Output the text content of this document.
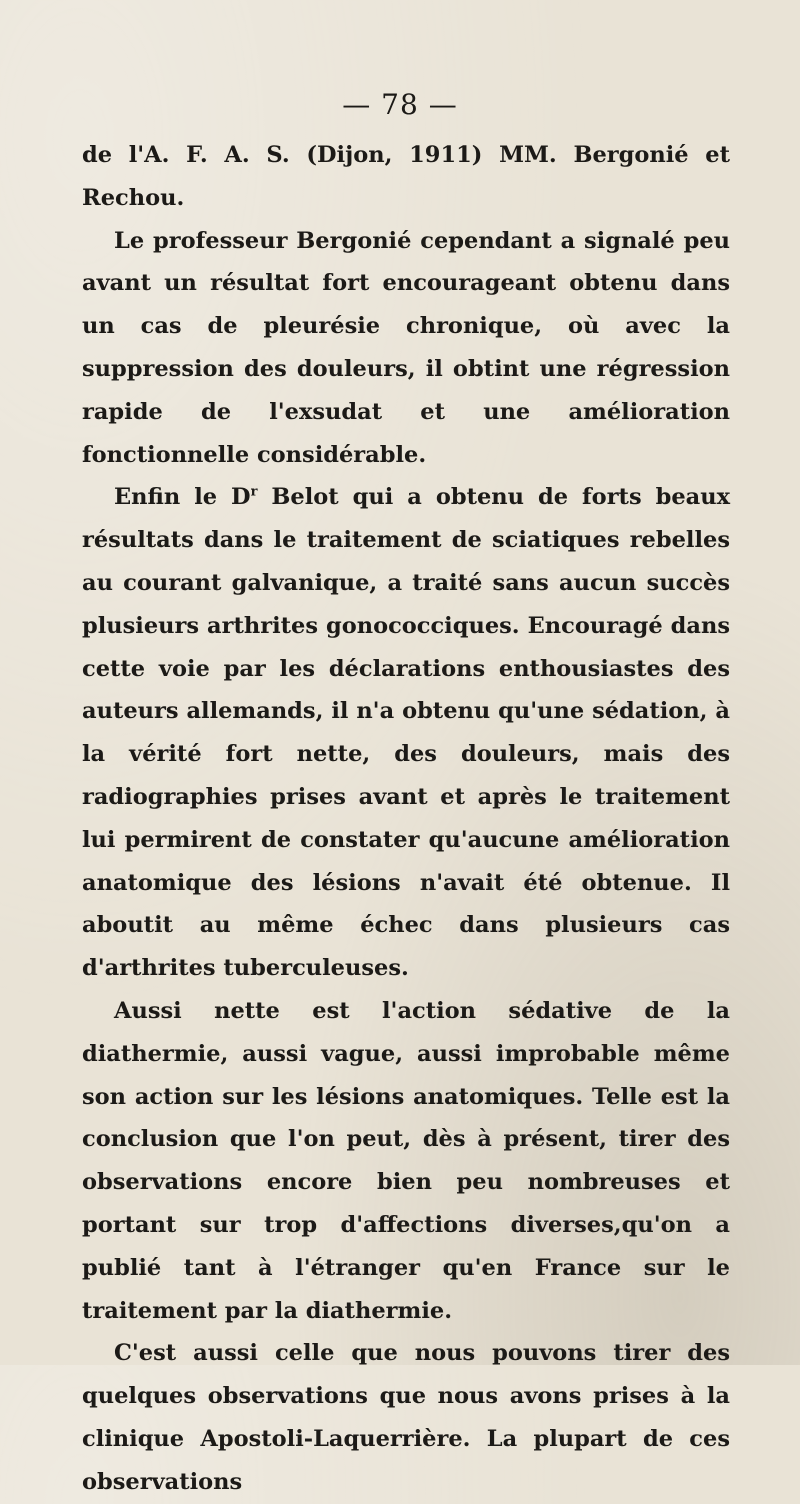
— 78 —

de l'A. F. A. S. (Dijon, 1911) MM. Bergonié et Rechou.

Le professeur Bergonié cependant a signalé peu avant un résultat fort encourageant obtenu dans un cas de pleurésie chronique, où avec la suppression des douleurs, il obtint une régression rapide de l'exsudat et une amélioration fonctionnelle considérable.

Enfin le $D^r$ Belot qui a obtenu de forts beaux résultats dans le traitement de sciatiques rebelles au courant galvanique, a traité sans aucun succès plusieurs arthrites gonococciques. Encouragé dans cette voie par les déclarations enthousiastes des auteurs allemands, il n'a obtenu qu'une sédation, à la vérité fort nette, des douleurs, mais des radiographies prises avant et après le traitement lui permirent de constater qu'aucune amélioration anatomique des lésions n'avait été obtenue. Il aboutit au même échec dans plusieurs cas d'arthrites tuberculeuses.

Aussi nette est l'action sédative de la diathermie, aussi vague, aussi improbable même son action sur les lésions anatomiques. Telle est la conclusion que l'on peut, dès à présent, tirer des observations encore bien peu nombreuses et portant sur trop d'affections diverses,qu'on a publié tant à l'étranger qu'en France sur le traitement par la diathermie.

C'est aussi celle que nous pouvons tirer des quelques observations que nous avons prises à la clinique Apostoli-Laquerrière. La plupart de ces observations
